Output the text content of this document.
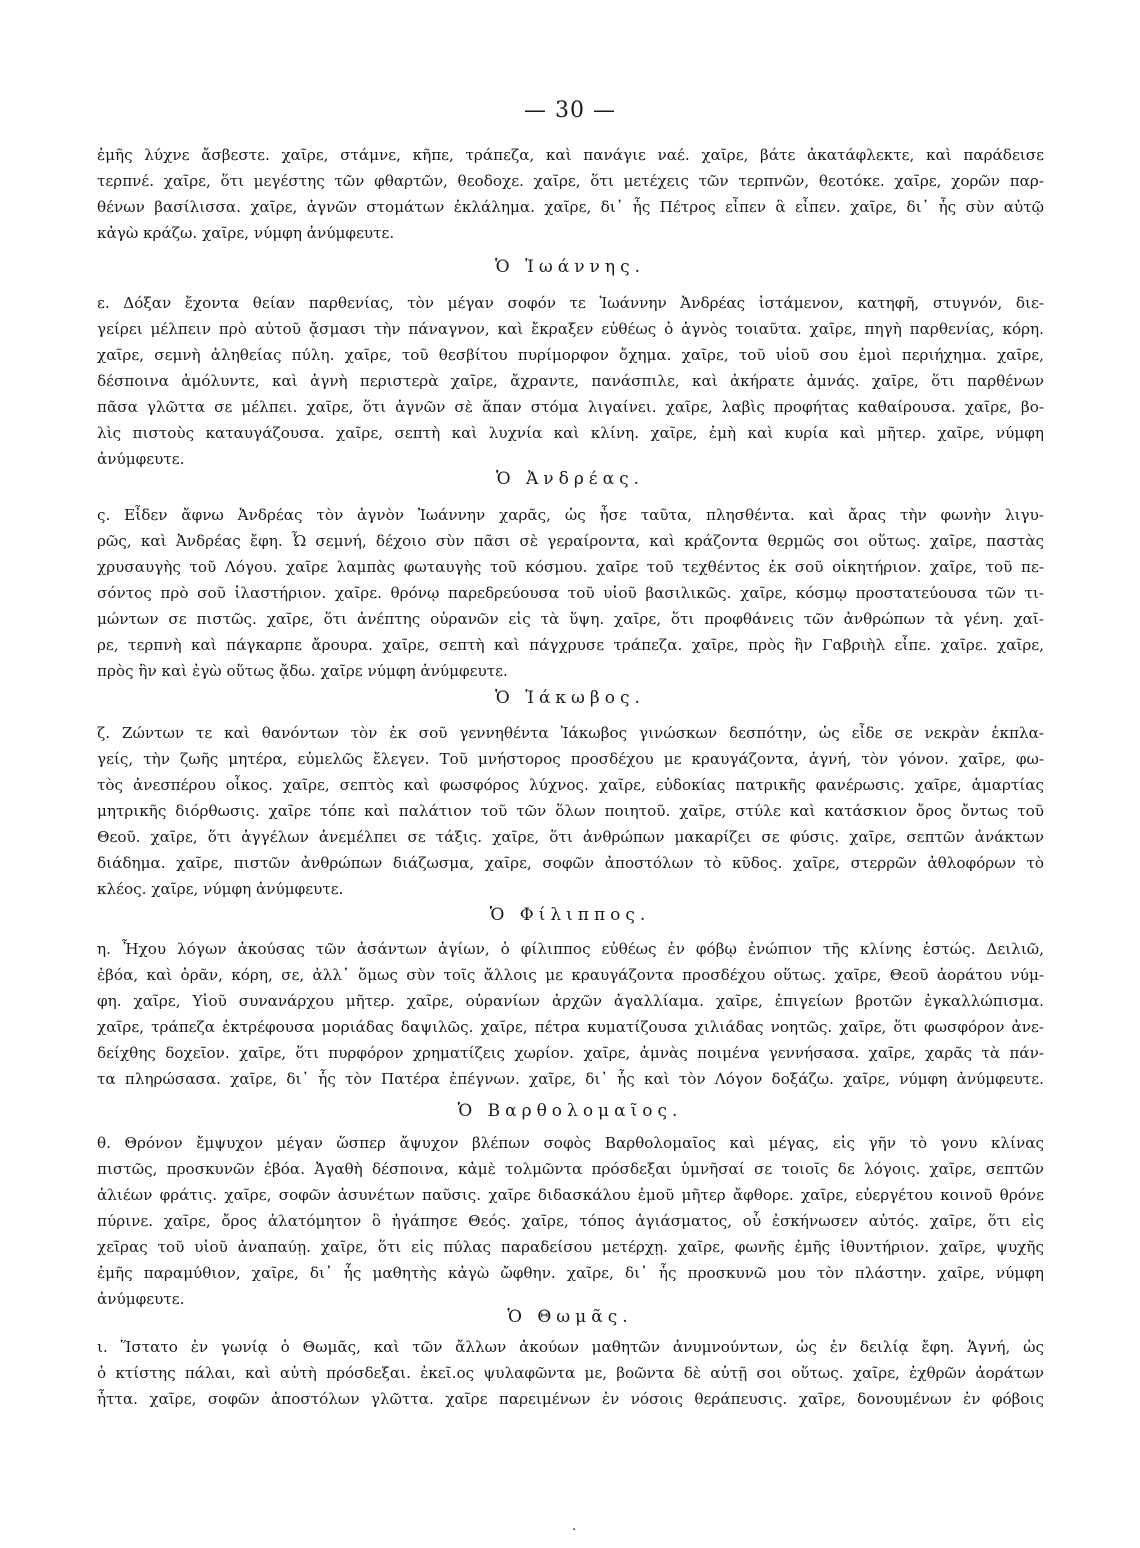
— 30 —
ἐμῆς λύχνε ἄσβεστε. χαῖρε, στάμνε, κῆπε, τράπεζα, καὶ πανάγιε ναέ. χαῖρε, βάτε ἀκατάφλεκτε, καὶ παράδεισε
τερπνέ. χαῖρε, ὅτι μεγέστης τῶν φθαρτῶν, θεοδοχε. χαῖρε, ὅτι μετέχεις τῶν τερπνῶν, θεοτόκε. χαῖρε, χορῶν παρ-
θένων βασίλισσα. χαῖρε, ἁγνῶν στομάτων ἐκλάλημα. χαῖρε, δι᾽ ἧς Πέτρος εἶπεν ἃ εἶπεν. χαῖρε, δι᾽ ἧς σὺν αὐτῷ
κἀγὼ κράζω. χαῖρε, νύμφη ἀνύμφευτε.
Ὁ Ἰωάννης.
ε. Δόξαν ἔχοντα θείαν παρθενίας, τὸν μέγαν σοφόν τε Ἰωάννην Ἀνδρέας ἱστάμενον, κατηφῆ, στυγνόν, διε-
γείρει μέλπειν πρὸ αὐτοῦ ᾄσμασι τὴν πάναγνον, καὶ ἔκραξεν εὐθέως ὁ ἁγνὸς τοιαῦτα. χαῖρε, πηγὴ παρθενίας, κόρη.
χαῖρε, σεμνὴ ἀληθείας πύλη. χαῖρε, τοῦ θεσβίτου πυρίμορφον ὄχημα. χαῖρε, τοῦ υἱοῦ σου ἐμοὶ περιήχημα. χαῖρε,
δέσποινα ἀμόλυντε, καὶ ἁγνὴ περιστερὰ χαῖρε, ἄχραντε, πανάσπιλε, καὶ ἀκήρατε ἀμνάς. χαῖρε, ὅτι παρθένων
πᾶσα γλῶττα σε μέλπει. χαῖρε, ὅτι ἁγνῶν σὲ ἅπαν στόμα λιγαίνει. χαῖρε, λαβὶς προφήτας καθαίρουσα. χαῖρε, βο-
λὶς πιστοὺς καταυγάζουσα. χαῖρε, σεπτὴ καὶ λυχνία καὶ κλίνη. χαῖρε, ἐμὴ καὶ κυρία καὶ μῆτερ. χαῖρε, νύμφη
ἀνύμφευτε.
Ὁ Ἀνδρέας.
ς. Εἶδεν ἄφνω Ἀνδρέας τὸν ἁγνὸν Ἰωάννην χαρᾶς, ὡς ἦσε ταῦτα, πλησθέντα. καὶ ἄρας τὴν φωνὴν λιγυ-
ρῶς, καὶ Ἀνδρέας ἔφη. Ὦ σεμνή, δέχοιο σὺν πᾶσι σὲ γεραίροντα, καὶ κράζοντα θερμῶς σοι οὕτως. χαῖρε, παστὰς
χρυσαυγὴς τοῦ Λόγου. χαῖρε λαμπὰς φωταυγὴς τοῦ κόσμου. χαῖρε τοῦ τεχθέντος ἐκ σοῦ οἰκητήριον. χαῖρε, τοῦ πε-
σόντος πρὸ σοῦ ἱλαστήριον. χαῖρε. θρόνῳ παρεδρεύουσα τοῦ υἱοῦ βασιλικῶς. χαῖρε, κόσμῳ προστατεύουσα τῶν τι-
μώντων σε πιστῶς. χαῖρε, ὅτι ἀνέπτης οὐρανῶν εἰς τὰ ὕψη. χαῖρε, ὅτι προφθάνεις τῶν ἀνθρώπων τὰ γένη. χαῖ-
ρε, τερπνὴ καὶ πάγκαρπε ἄρουρα. χαῖρε, σεπτὴ καὶ πάγχρυσε τράπεζα. χαῖρε, πρὸς ἣν Γαβριὴλ εἶπε. χαῖρε. χαῖρε,
πρὸς ἣν καὶ ἐγὼ οὕτως ᾄδω. χαῖρε νύμφη ἀνύμφευτε.
Ὁ Ἰάκωβος.
ζ. Ζώντων τε καὶ θανόντων τὸν ἐκ σοῦ γεννηθέντα Ἰάκωβος γινώσκων δεσπότην, ὡς εἶδε σε νεκρὰν ἐκπλα-
γείς, τὴν ζωῆς μητέρα, εὐμελῶς ἔλεγεν. Τοῦ μνήστορος προσδέχου με κραυγάζοντα, ἁγνή, τὸν γόνον. χαῖρε, φω-
τὸς ἀνεσπέρου οἶκος. χαῖρε, σεπτὸς καὶ φωσφόρος λύχνος. χαῖρε, εὐδοκίας πατρικῆς φανέρωσις. χαῖρε, ἁμαρτίας
μητρικῆς διόρθωσις. χαῖρε τόπε καὶ παλάτιον τοῦ τῶν ὅλων ποιητοῦ. χαῖρε, στύλε καὶ κατάσκιον ὄρος ὄντως τοῦ
Θεοῦ. χαῖρε, ὅτι ἀγγέλων ἀνεμέλπει σε τάξις. χαῖρε, ὅτι ἀνθρώπων μακαρίζει σε φύσις. χαῖρε, σεπτῶν ἀνάκτων
διάδημα. χαῖρε, πιστῶν ἀνθρώπων διάζωσμα, χαῖρε, σοφῶν ἀποστόλων τὸ κῦδος. χαῖρε, στερρῶν ἀθλοφόρων τὸ
κλέος. χαῖρε, νύμφη ἀνύμφευτε.
Ὁ Φίλιππος.
η. Ἦχου λόγων ἀκούσας τῶν ἀσάντων ἁγίων, ὁ φίλιππος εὐθέως ἐν φόβῳ ἐνώπιον τῆς κλίνης ἑστώς. Δειλιῶ,
ἐβόα, καὶ ὁρᾶν, κόρη, σε, ἀλλ᾽ ὅμως σὺν τοῖς ἄλλοις με κραυγάζοντα προσδέχου οὕτως. χαῖρε, Θεοῦ ἀοράτου νύμ-
φη. χαῖρε, Υἱοῦ συνανάρχου μῆτερ. χαῖρε, οὐρανίων ἀρχῶν ἀγαλλίαμα. χαῖρε, ἐπιγείων βροτῶν ἐγκαλλώπισμα.
χαῖρε, τράπεζα ἐκτρέφουσα μοριάδας δαψιλῶς. χαῖρε, πέτρα κυματίζουσα χιλιάδας νοητῶς. χαῖρε, ὅτι φωσφόρον ἀνε-
δείχθης δοχεῖον. χαῖρε, ὅτι πυρφόρον χρηματίζεις χωρίον. χαῖρε, ἀμνὰς ποιμένα γεννήσασα. χαῖρε, χαρᾶς τὰ πάν-
τα πληρώσασα. χαῖρε, δι᾽ ἧς τὸν Πατέρα ἐπέγνων. χαῖρε, δι᾽ ἧς καὶ τὸν Λόγον δοξάζω. χαῖρε, νύμφη ἀνύμφευτε.
Ὁ Βαρθολομαῖος.
θ. Θρόνον ἔμψυχον μέγαν ὥσπερ ἄψυχον βλέπων σοφὸς Βαρθολομαῖος καὶ μέγας, εἰς γῆν τὸ γονυ κλίνας
πιστῶς, προσκυνῶν ἐβόα. Ἀγαθὴ δέσποινα, κἀμὲ τολμῶντα πρόσδεξαι ὑμνῆσαί σε τοιοῖς δε λόγοις. χαῖρε, σεπτῶν
ἁλιέων φράτις. χαῖρε, σοφῶν ἀσυνέτων παῦσις. χαῖρε διδασκάλου ἐμοῦ μῆτερ ἄφθορε. χαῖρε, εὐεργέτου κοινοῦ θρόνε
πύρινε. χαῖρε, ὄρος ἀλατόμητον ὃ ἠγάπησε Θεός. χαῖρε, τόπος ἁγιάσματος, οὗ ἐσκήνωσεν αὐτός. χαῖρε, ὅτι εἰς
χεῖρας τοῦ υἱοῦ ἀναπαύῃ. χαῖρε, ὅτι εἰς πύλας παραδείσου μετέρχῃ. χαῖρε, φωνῆς ἐμῆς ἰθυντήριον. χαῖρε, ψυχῆς
ἐμῆς παραμύθιον, χαῖρε, δι᾽ ἧς μαθητὴς κἀγὼ ὤφθην. χαῖρε, δι᾽ ἧς προσκυνῶ μου τὸν πλάστην. χαῖρε, νύμφη
ἀνύμφευτε.
Ὁ Θωμᾶς.
ι. Ἵστατο ἐν γωνίᾳ ὁ Θωμᾶς, καὶ τῶν ἄλλων ἀκούων μαθητῶν ἀνυμνούντων, ὡς ἐν δειλίᾳ ἔφη. Ἁγνή, ὡς
ὁ κτίστης πάλαι, καὶ αὐτὴ πρόσδεξαι. ἐκεῖ.ος ψυλαφῶντα με, βοῶντα δὲ αὐτῇ σοι οὕτως. χαῖρε, ἐχθρῶν ἀοράτων
ἧττα. χαῖρε, σοφῶν ἀποστόλων γλῶττα. χαῖρε παρειμένων ἐν νόσοις θεράπευσις. χαῖρε, δονουμένων ἐν φόβοις
·
